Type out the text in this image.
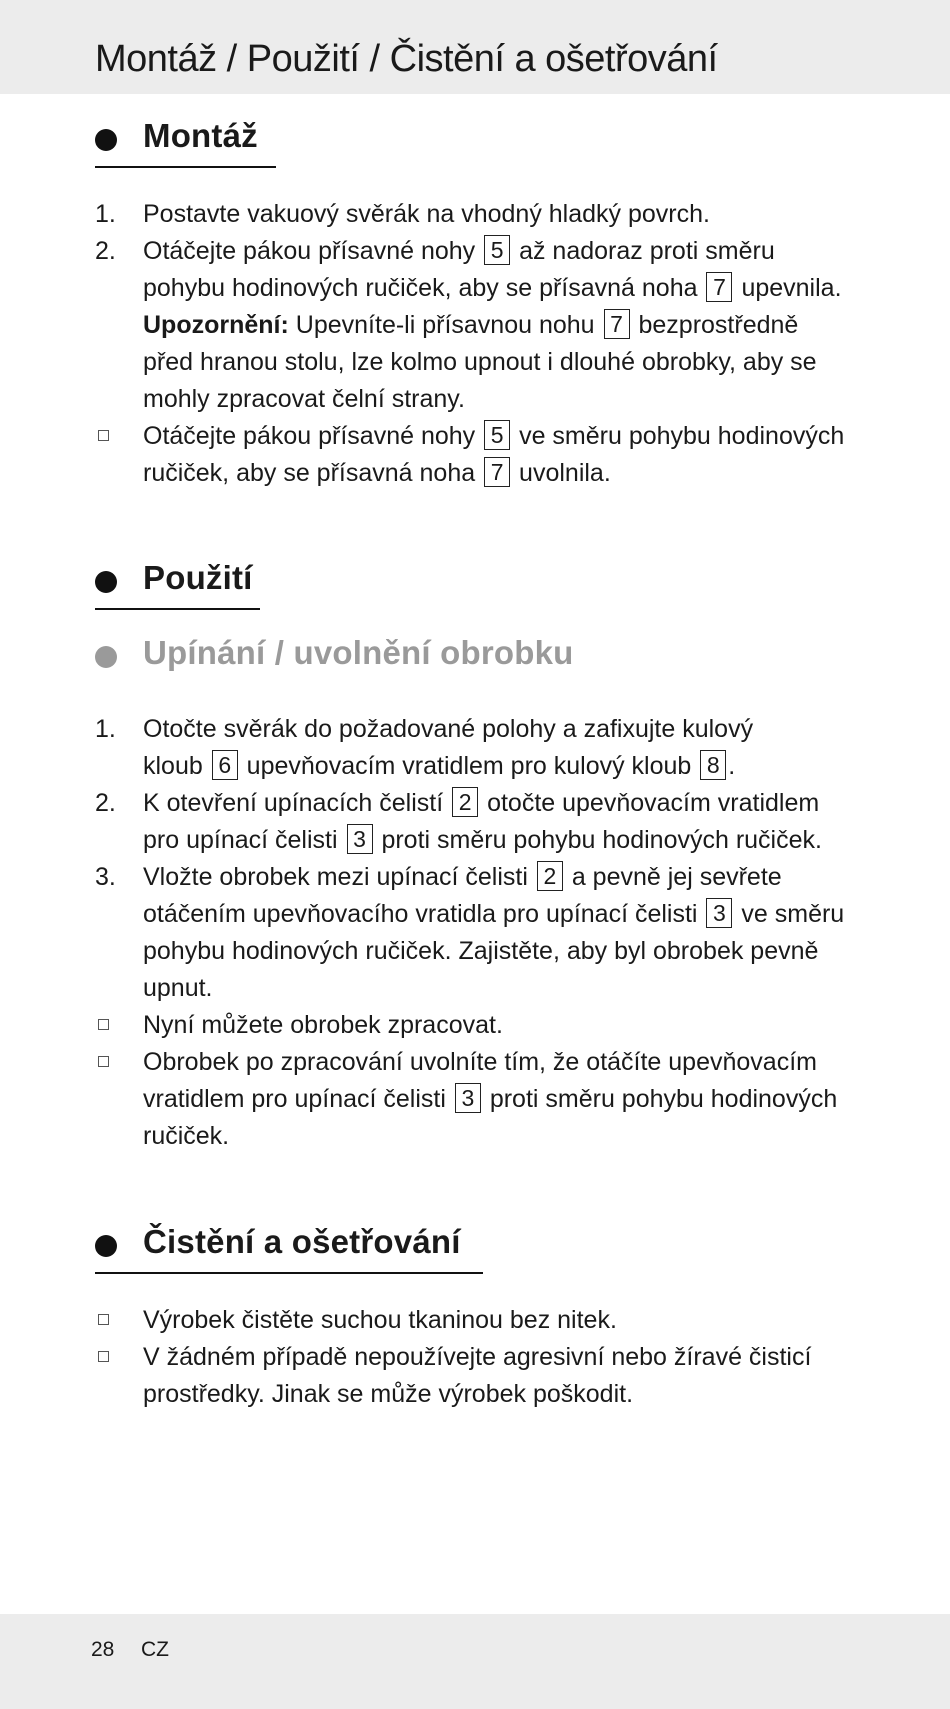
Montáž / Použití / Čistění a ošetřování
Montáž
1. Postavte vakuový svěrák na vhodný hladký povrch.
2. Otáčejte pákou přísavné nohy 5 až nadoraz proti směru
pohybu hodinových ručiček, aby se přísavná noha 7 upevnila.
Upozornění: Upevníte-li přísavnou nohu 7 bezprostředně
před hranou stolu, lze kolmo upnout i dlouhé obrobky, aby se
mohly zpracovat čelní strany.
Otáčejte pákou přísavné nohy 5 ve směru pohybu hodinových
ručiček, aby se přísavná noha 7 uvolnila.
Použití
Upínání / uvolnění obrobku
1. Otočte svěrák do požadované polohy a zafixujte kulový
kloub 6 upevňovacím vratidlem pro kulový kloub 8 .
2. K otevření upínacích čelistí 2 otočte upevňovacím vratidlem
pro upínací čelisti 3 proti směru pohybu hodinových ručiček.
3. Vložte obrobek mezi upínací čelisti 2 a pevně jej sevřete
otáčením upevňovacího vratidla pro upínací čelisti 3 ve směru
pohybu hodinových ručiček. Zajistěte, aby byl obrobek pevně
upnut.
Nyní můžete obrobek zpracovat.
Obrobek po zpracování uvolníte tím, že otáčíte upevňovacím
vratidlem pro upínací čelisti 3 proti směru pohybu hodinových
ručiček.
Čistění a ošetřování
Výrobek čistěte suchou tkaninou bez nitek.
V žádném případě nepoužívejte agresivní nebo žíravé čisticí
prostředky. Jinak se může výrobek poškodit.
28 CZ
